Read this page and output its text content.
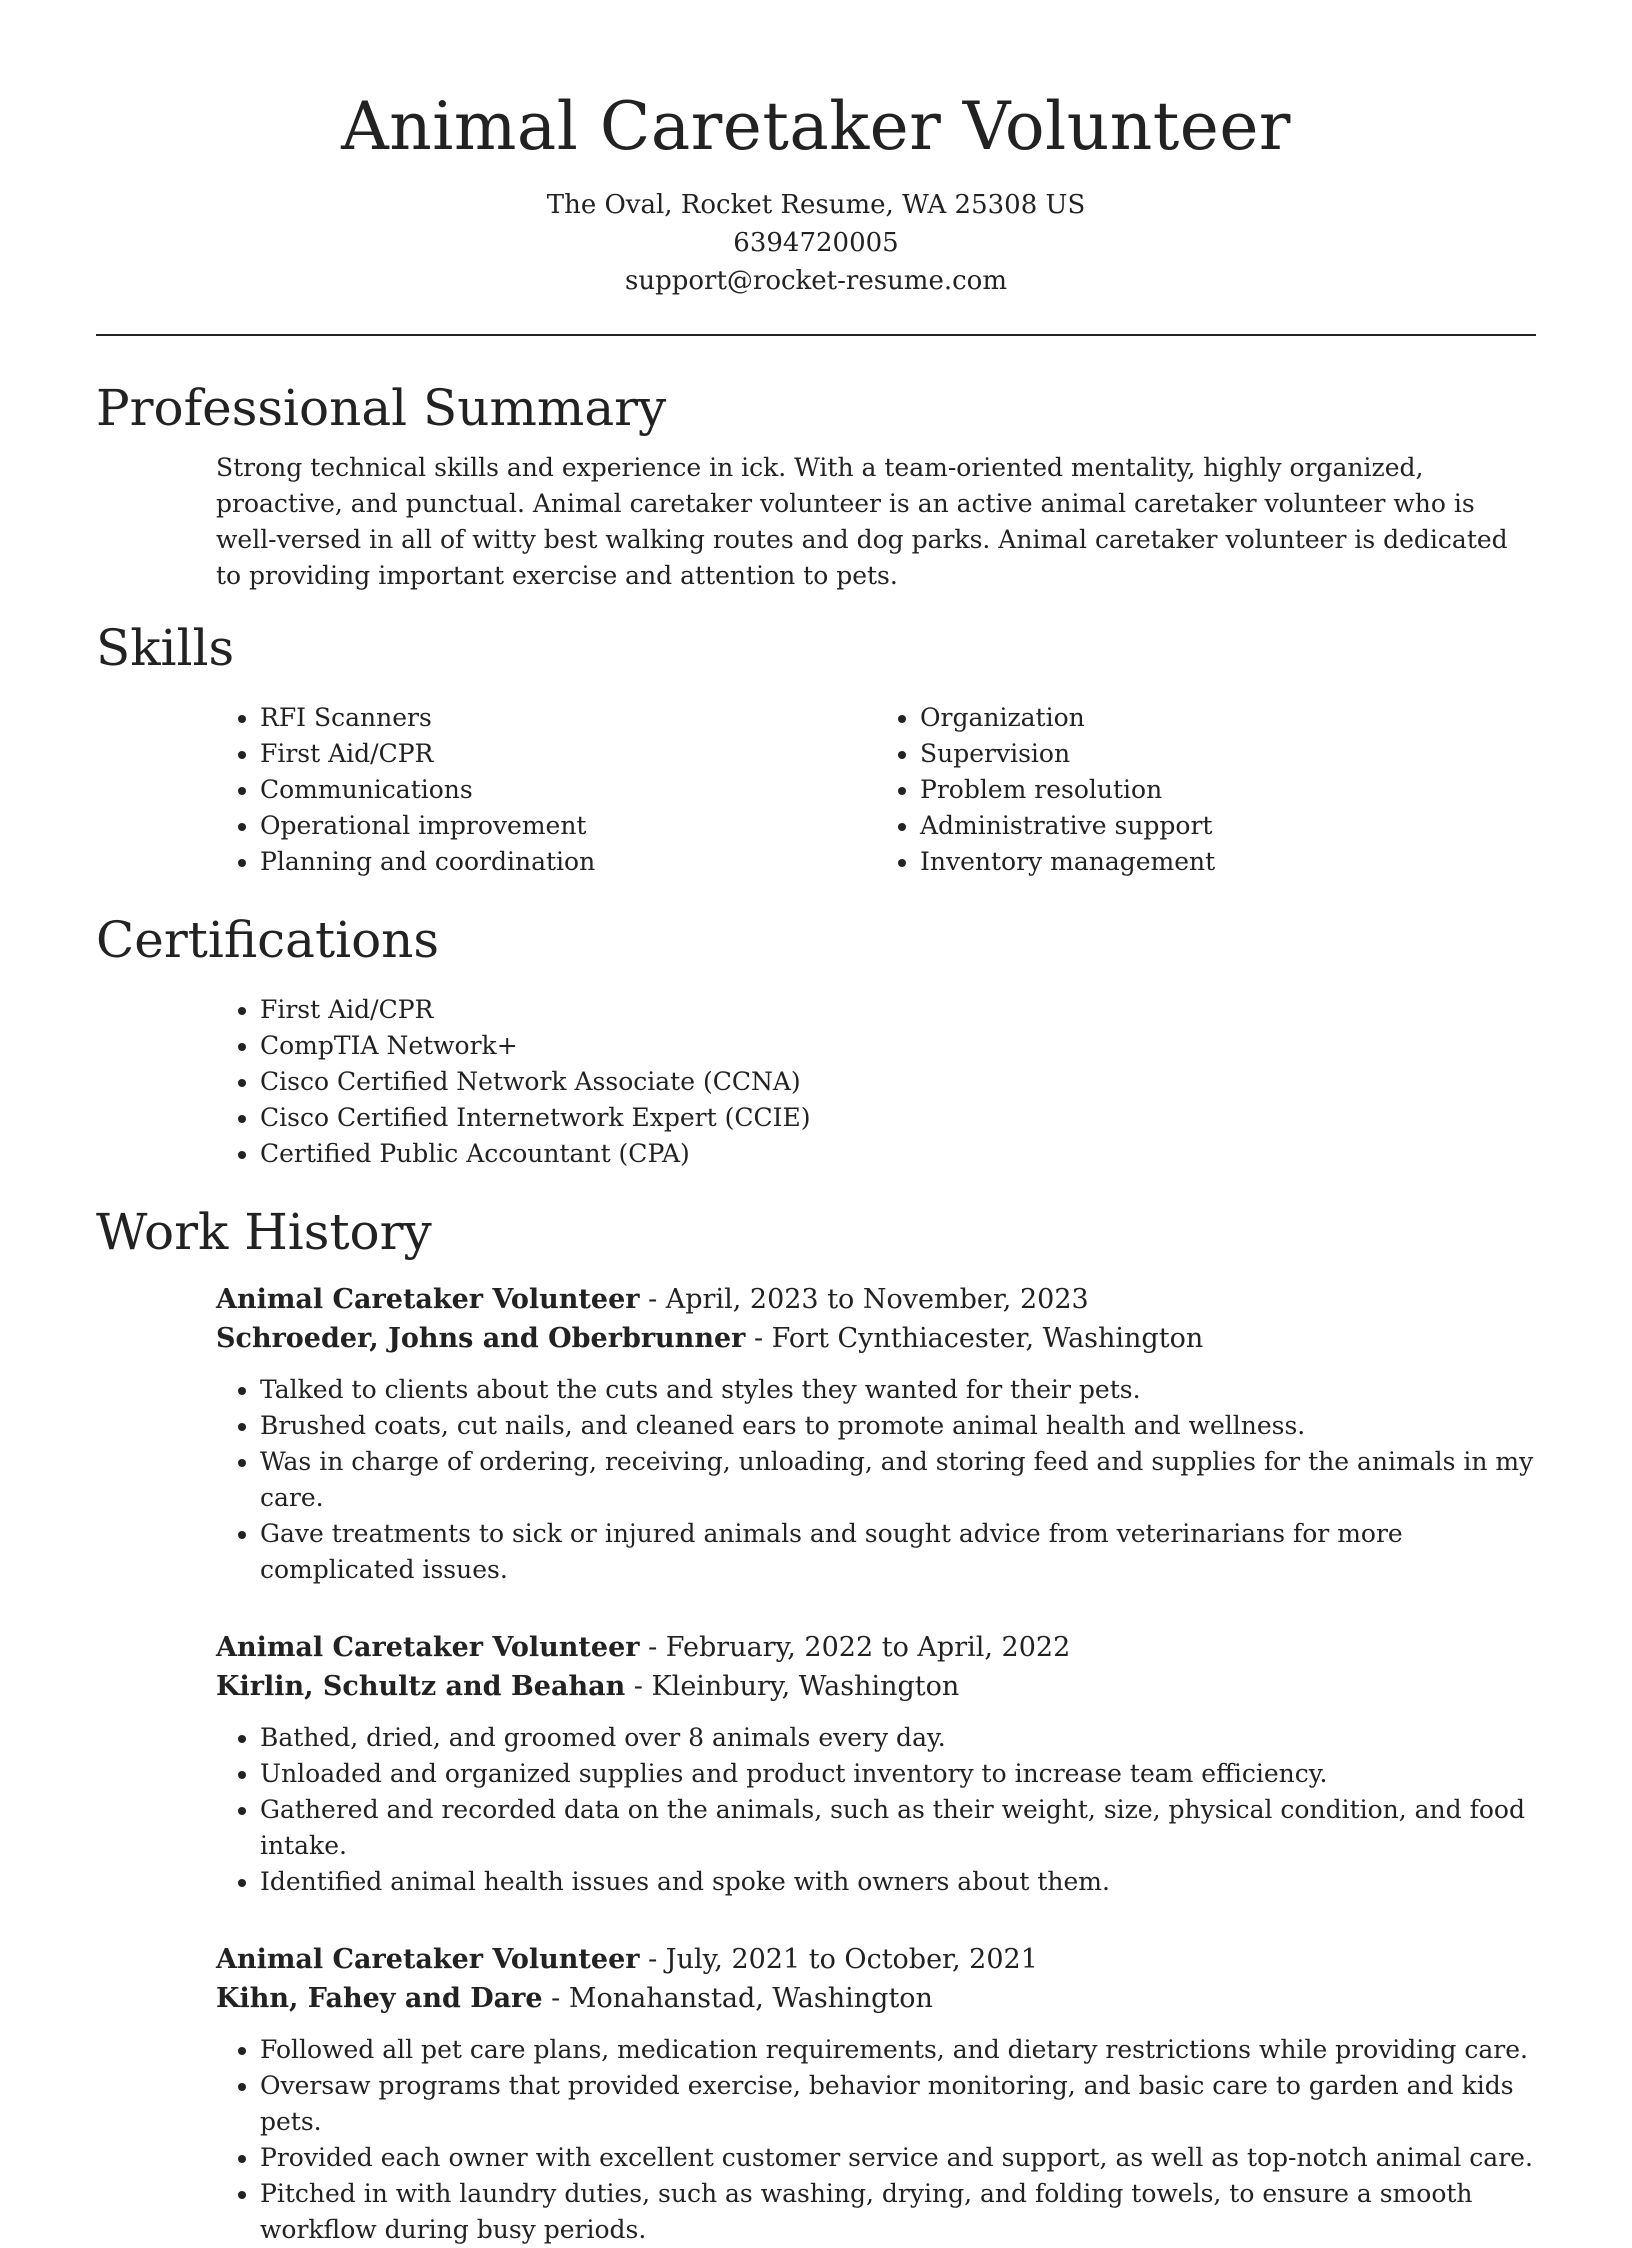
Animal Caretaker Volunteer
The Oval, Rocket Resume, WA 25308 US
6394720005
support@rocket-resume.com
Professional Summary

Strong technical skills and experience in ick. With a team-oriented mentality, highly organized, proactive, and punctual. Animal caretaker volunteer is an active animal caretaker volunteer who is well-versed in all of witty best walking routes and dog parks. Animal caretaker volunteer is dedicated to providing important exercise and attention to pets.

Skills
• RFI Scanners
• First Aid/CPR
• Communications
• Operational improvement
• Planning and coordination
• Organization
• Supervision
• Problem resolution
• Administrative support
• Inventory management
Certifications
• First Aid/CPR
• CompTIA Network+
• Cisco Certified Network Associate (CCNA)
• Cisco Certified Internetwork Expert (CCIE)
• Certified Public Accountant (CPA)
Work History

Animal Caretaker Volunteer - April, 2023 to November, 2023

Schroeder, Johns and Oberbrunner - Fort Cynthiacester, Washington

• Talked to clients about the cuts and styles they wanted for their pets.
• Brushed coats, cut nails, and cleaned ears to promote animal health and wellness.
• Was in charge of ordering, receiving, unloading, and storing feed and supplies for the animals in my care.
• Gave treatments to sick or injured animals and sought advice from veterinarians for more complicated issues.

Animal Caretaker Volunteer - February, 2022 to April, 2022

Kirlin, Schultz and Beahan - Kleinbury, Washington

• Bathed, dried, and groomed over 8 animals every day.
• Unloaded and organized supplies and product inventory to increase team efficiency.
• Gathered and recorded data on the animals, such as their weight, size, physical condition, and food intake.
• Identified animal health issues and spoke with owners about them.

Animal Caretaker Volunteer - July, 2021 to October, 2021

Kihn, Fahey and Dare - Monahanstad, Washington

• Followed all pet care plans, medication requirements, and dietary restrictions while providing care.
• Oversaw programs that provided exercise, behavior monitoring, and basic care to garden and kids pets.
• Provided each owner with excellent customer service and support, as well as top-notch animal care.
• Pitched in with laundry duties, such as washing, drying, and folding towels, to ensure a smooth workflow during busy periods.
